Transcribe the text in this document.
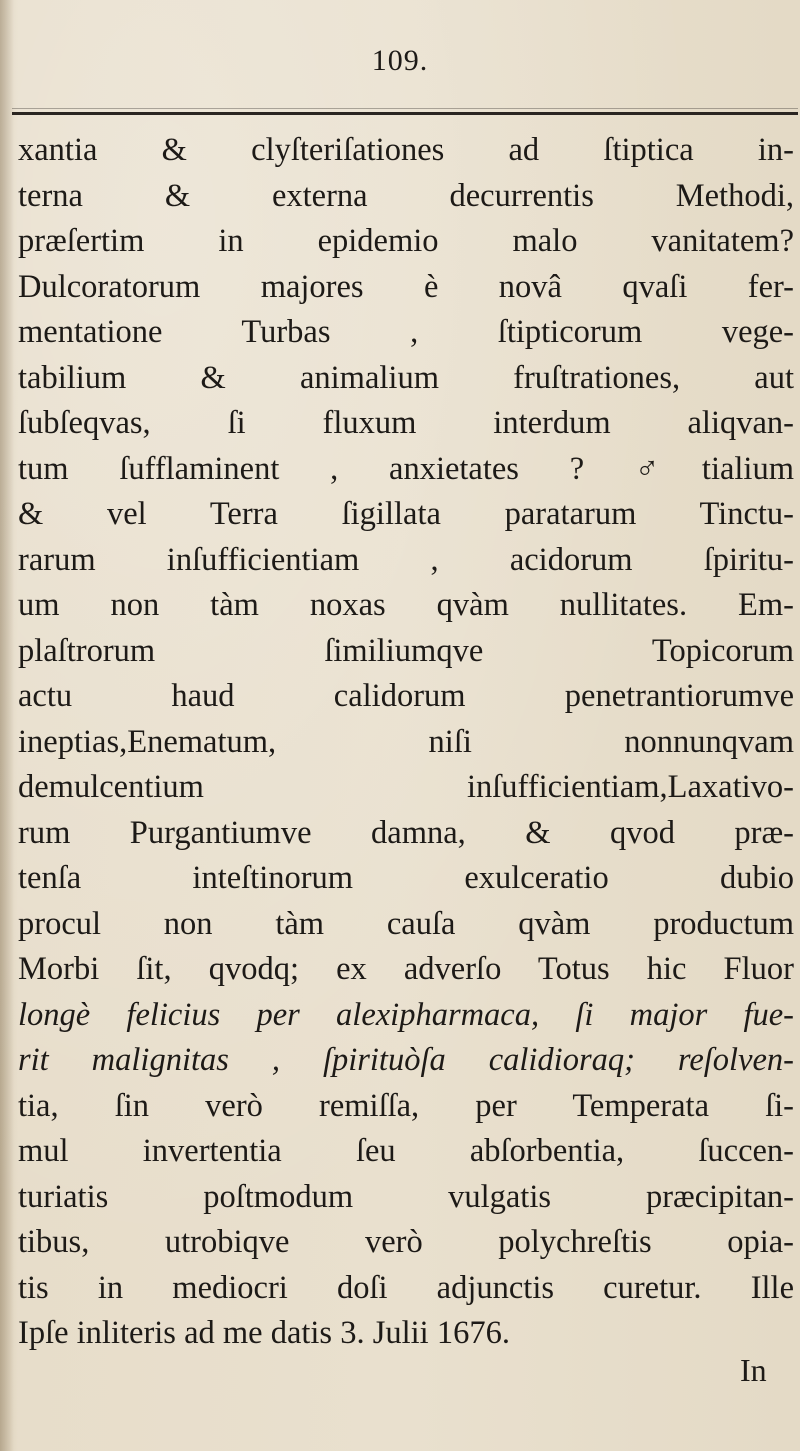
109.
xantia & clyſteriſationes ad ſtiptica in-
terna & externa decurrentis Methodi,
præſertim in epidemio malo vanitatem?
Dulcoratorum majores è novâ qvaſi fer-
mentatione Turbas , ſtipticorum vege-
tabilium & animalium fruſtrationes, aut
ſubſeqvas, ſi fluxum interdum aliqvan-
tum ſufflaminent , anxietates ? ♂tialium
& vel Terra ſigillata paratarum Tinctu-
rarum inſufficientiam , acidorum ſpiritu-
um non tàm noxas qvàm nullitates. Em-
plaſtrorum ſimiliumqve Topicorum
actu haud calidorum penetrantiorumve
ineptias,Enematum, niſi nonnunqvam
demulcentium inſufficientiam,Laxativo-
rum Purgantiumve damna, & qvod præ-
tenſa inteſtinorum exulceratio dubio
procul non tàm cauſa qvàm productum
Morbi ſit, qvodq; ex adverſo Totus hic Fluor
longè felicius per alexipharmaca, ſi major fue-
rit malignitas , ſpirituòſa calidioraq; reſolven-
tia, ſin verò remiſſa, per Temperata ſi-
mul invertentia ſeu abſorbentia, ſuccen-
turiatis poſtmodum vulgatis præcipitan-
tibus, utrobiqve verò polychreſtis opia-
tis in mediocri doſi adjunctis curetur. Ille
Ipſe inliteris ad me datis 3. Julii 1676.
In
